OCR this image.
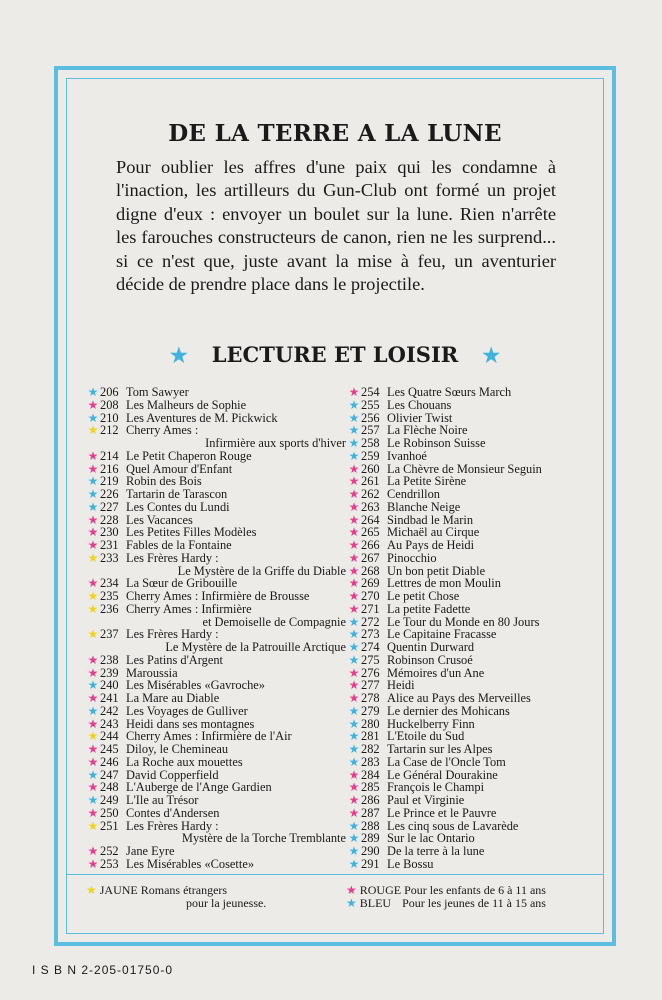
DE LA TERRE A LA LUNE
Pour oublier les affres d'une paix qui les condamne à l'inaction, les artilleurs du Gun-Club ont formé un projet digne d'eux : envoyer un boulet sur la lune. Rien n'arrête les farouches constructeurs de canon, rien ne les surprend... si ce n'est que, juste avant la mise à feu, un aventurier décide de prendre place dans le projectile.
★ LECTURE ET LOISIR ★
★ 206 Tom Sawyer
★ 208 Les Malheurs de Sophie
★ 210 Les Aventures de M. Pickwick
★ 212 Cherry Ames :
Infirmière aux sports d'hiver
★ 214 Le Petit Chaperon Rouge
★ 216 Quel Amour d'Enfant
★ 219 Robin des Bois
★ 226 Tartarin de Tarascon
★ 227 Les Contes du Lundi
★ 228 Les Vacances
★ 230 Les Petites Filles Modèles
★ 231 Fables de la Fontaine
★ 233 Les Frères Hardy :
Le Mystère de la Griffe du Diable
★ 234 La Sœur de Gribouille
★ 235 Cherry Ames : Infirmière de Brousse
★ 236 Cherry Ames : Infirmière
et Demoiselle de Compagnie
★ 237 Les Frères Hardy :
Le Mystère de la Patrouille Arctique
★ 238 Les Patins d'Argent
★ 239 Maroussia
★ 240 Les Misérables «Gavroche»
★ 241 La Mare au Diable
★ 242 Les Voyages de Gulliver
★ 243 Heidi dans ses montagnes
★ 244 Cherry Ames : Infirmière de l'Air
★ 245 Diloy, le Chemineau
★ 246 La Roche aux mouettes
★ 247 David Copperfield
★ 248 L'Auberge de l'Ange Gardien
★ 249 L'Ile au Trésor
★ 250 Contes d'Andersen
★ 251 Les Frères Hardy :
Mystère de la Torche Tremblante
★ 252 Jane Eyre
★ 253 Les Misérables «Cosette»
★ 254 Les Quatre Sœurs March
★ 255 Les Chouans
★ 256 Olivier Twist
★ 257 La Flèche Noire
★ 258 Le Robinson Suisse
★ 259 Ivanhoé
★ 260 La Chèvre de Monsieur Seguin
★ 261 La Petite Sirène
★ 262 Cendrillon
★ 263 Blanche Neige
★ 264 Sindbad le Marin
★ 265 Michaël au Cirque
★ 266 Au Pays de Heidi
★ 267 Pinocchio
★ 268 Un bon petit Diable
★ 269 Lettres de mon Moulin
★ 270 Le petit Chose
★ 271 La petite Fadette
★ 272 Le Tour du Monde en 80 Jours
★ 273 Le Capitaine Fracasse
★ 274 Quentin Durward
★ 275 Robinson Crusoé
★ 276 Mémoires d'un Ane
★ 277 Heidi
★ 278 Alice au Pays des Merveilles
★ 279 Le dernier des Mohicans
★ 280 Huckelberry Finn
★ 281 L'Etoile du Sud
★ 282 Tartarin sur les Alpes
★ 283 La Case de l'Oncle Tom
★ 284 Le Général Dourakine
★ 285 François le Champi
★ 286 Paul et Virginie
★ 287 Le Prince et le Pauvre
★ 288 Les cinq sous de Lavarède
★ 289 Sur le lac Ontario
★ 290 De la terre à la lune
★ 291 Le Bossu
★ JAUNE Romans étrangers
pour la jeunesse.
★ ROUGE Pour les enfants de 6 à 11 ans
★ BLEU Pour les jeunes de 11 à 15 ans
I S B N 2-205-01750-0
